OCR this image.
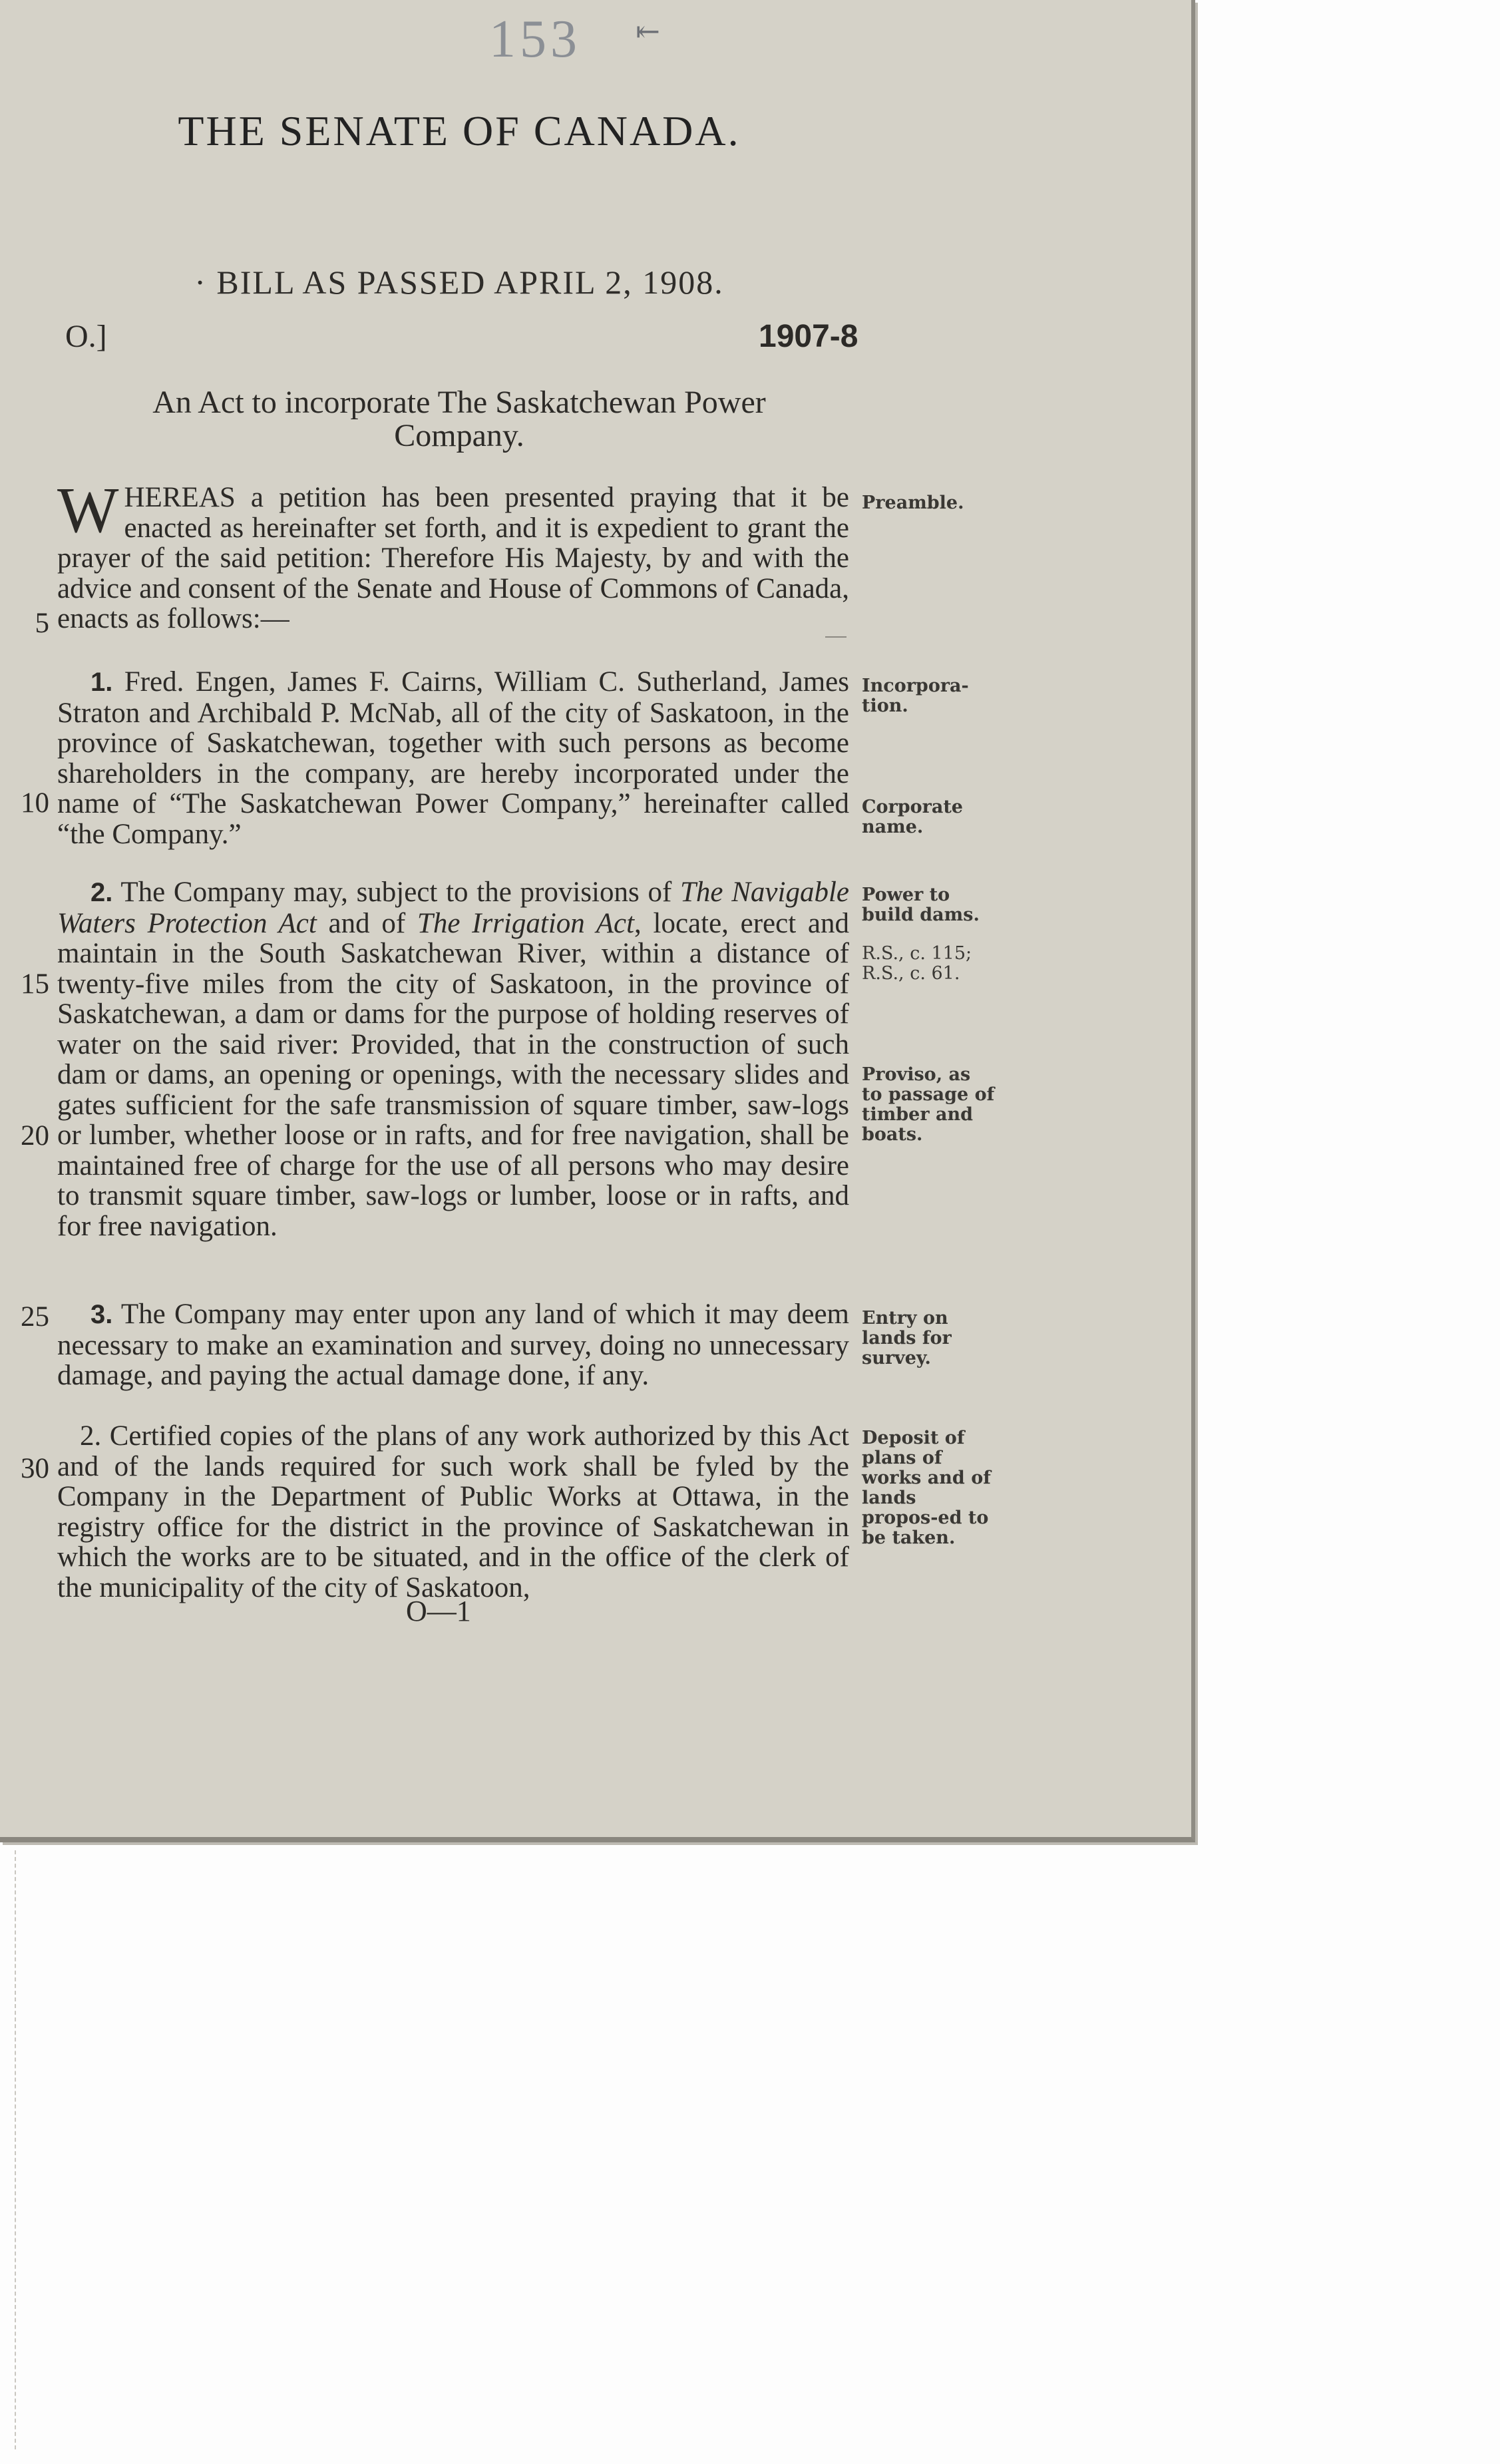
153 ⇤
THE SENATE OF CANADA.
· BILL AS PASSED APRIL 2, 1908.
O.]	1907-8
An Act to incorporate The Saskatchewan Power Company.
WHEREAS a petition has been presented praying that it be enacted as hereinafter set forth, and it is expedient to grant the prayer of the said petition: Therefore His Majesty, by and with the advice and consent of the Senate and House of Commons of Canada, enacts as follows:—
1. Fred. Engen, James F. Cairns, William C. Sutherland, James Straton and Archibald P. McNab, all of the city of Saskatoon, in the province of Saskatchewan, together with such persons as become shareholders in the company, are hereby incorporated under the name of “The Saskatchewan Power Company,” hereinafter called “the Company.”
2. The Company may, subject to the provisions of The Navigable Waters Protection Act and of The Irrigation Act, locate, erect and maintain in the South Saskatchewan River, within a distance of twenty-five miles from the city of Saskatoon, in the province of Saskatchewan, a dam or dams for the purpose of holding reserves of water on the said river: Provided, that in the construction of such dam or dams, an opening or openings, with the necessary slides and gates sufficient for the safe transmission of square timber, saw-logs or lumber, whether loose or in rafts, and for free navigation, shall be maintained free of charge for the use of all persons who may desire to transmit square timber, saw-logs or lumber, loose or in rafts, and for free navigation.
3. The Company may enter upon any land of which it may deem necessary to make an examination and survey, doing no unnecessary damage, and paying the actual damage done, if any.
2. Certified copies of the plans of any work authorized by this Act and of the lands required for such work shall be fyled by the Company in the Department of Public Works at Ottawa, in the registry office for the district in the province of Saskatchewan in which the works are to be situated, and in the office of the clerk of the municipality of the city of Saskatoon,
5
10
15
20
25
30
Preamble.
Incorpora-tion.
Corporate name.
Power to build dams.
R.S., c. 115; R.S., c. 61.
Proviso, as to passage of timber and boats.
Entry on lands for survey.
Deposit of plans of works and of lands propos-ed to be taken.
O—1
